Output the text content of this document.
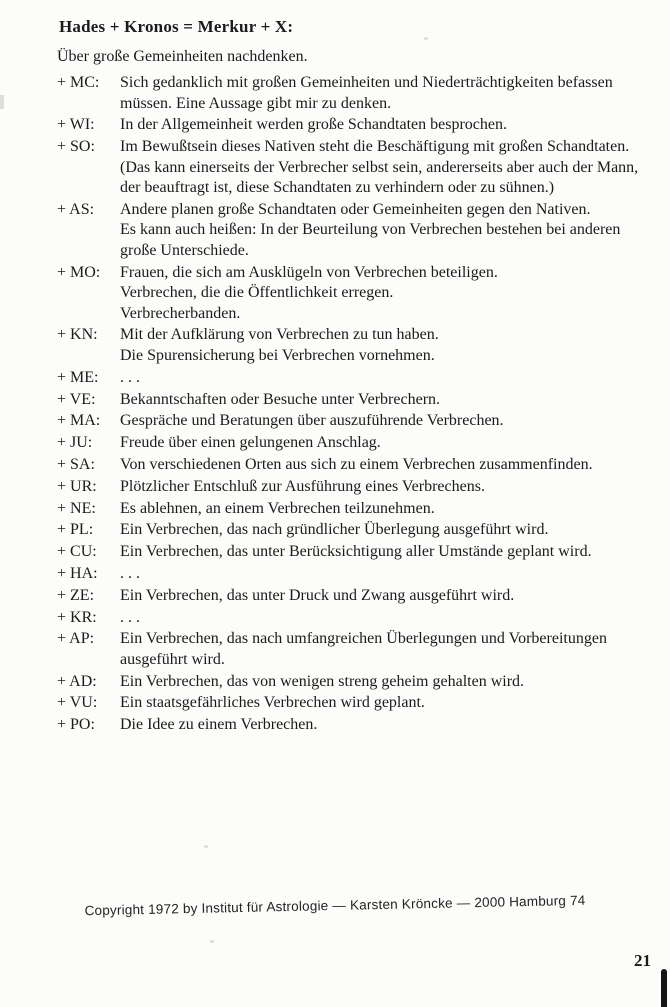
Hades + Kronos = Merkur + X:
Über große Gemeinheiten nachdenken.
+ MC:	Sich gedanklich mit großen Gemeinheiten und Niederträchtigkeiten befassen
müssen. Eine Aussage gibt mir zu denken.
+ WI:	In der Allgemeinheit werden große Schandtaten besprochen.
+ SO:	Im Bewußtsein dieses Nativen steht die Beschäftigung mit großen Schandtaten.
(Das kann einerseits der Verbrecher selbst sein, andererseits aber auch der Mann,
der beauftragt ist, diese Schandtaten zu verhindern oder zu sühnen.)
+ AS:	Andere planen große Schandtaten oder Gemeinheiten gegen den Nativen.
Es kann auch heißen: In der Beurteilung von Verbrechen bestehen bei anderen
große Unterschiede.
+ MO:	Frauen, die sich am Ausklügeln von Verbrechen beteiligen.
Verbrechen, die die Öffentlichkeit erregen.
Verbrecherbanden.
+ KN:	Mit der Aufklärung von Verbrechen zu tun haben.
Die Spurensicherung bei Verbrechen vornehmen.
+ ME:	. . .
+ VE:	Bekanntschaften oder Besuche unter Verbrechern.
+ MA:	Gespräche und Beratungen über auszuführende Verbrechen.
+ JU:	Freude über einen gelungenen Anschlag.
+ SA:	Von verschiedenen Orten aus sich zu einem Verbrechen zusammenfinden.
+ UR:	Plötzlicher Entschluß zur Ausführung eines Verbrechens.
+ NE:	Es ablehnen, an einem Verbrechen teilzunehmen.
+ PL:	Ein Verbrechen, das nach gründlicher Überlegung ausgeführt wird.
+ CU:	Ein Verbrechen, das unter Berücksichtigung aller Umstände geplant wird.
+ HA:	. . .
+ ZE:	Ein Verbrechen, das unter Druck und Zwang ausgeführt wird.
+ KR:	. . .
+ AP:	Ein Verbrechen, das nach umfangreichen Überlegungen und Vorbereitungen
ausgeführt wird.
+ AD:	Ein Verbrechen, das von wenigen streng geheim gehalten wird.
+ VU:	Ein staatsgefährliches Verbrechen wird geplant.
+ PO:	Die Idee zu einem Verbrechen.
Copyright 1972 by Institut für Astrologie — Karsten Kröncke — 2000 Hamburg 74
21
